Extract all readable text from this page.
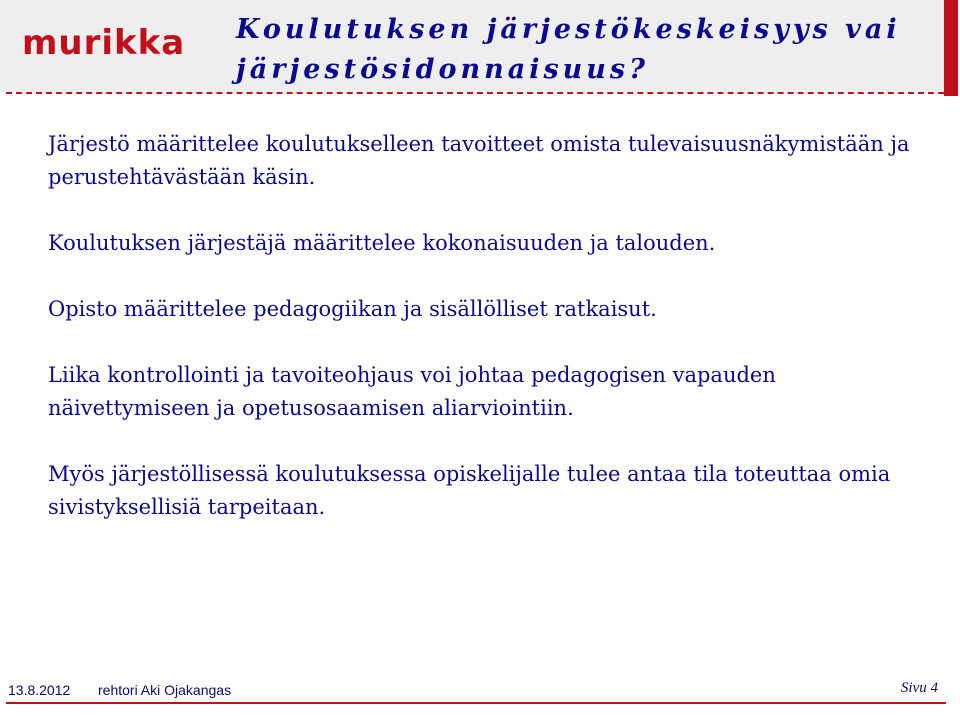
murikka Koulutuksen järjestökeskeisyys vai järjestösidonnaisuus?

Järjestö määrittelee koulutukselleen tavoitteet omista tulevaisuusnäkymistään ja perustehtävästään käsin.

Koulutuksen järjestäjä määrittelee kokonaisuuden ja talouden.

Opisto määrittelee pedagogiikan ja sisällölliset ratkaisut.

Liika kontrollointi ja tavoiteohjaus voi johtaa pedagogisen vapauden näivettymiseen ja opetusosaamisen aliarviointiin.

Myös järjestöllisessä koulutuksessa opiskelijalle tulee antaa tila toteuttaa omia sivistyksellisiä tarpeitaan.

13.8.2012 rehtori Aki Ojakangas	Sivu 4
